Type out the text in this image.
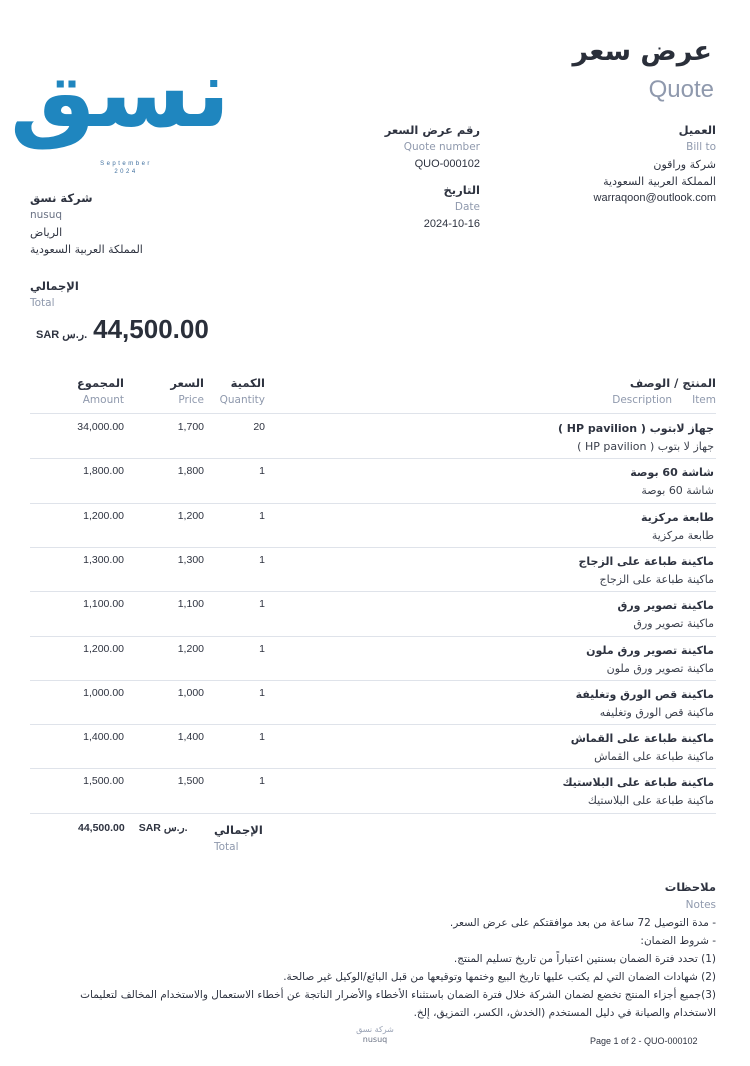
عرض سعر
Quote
نسق
September
2024
العميل
Bill to
شركة وراقون
المملكة العربية السعودية
warraqoon@outlook.com
رقم عرض السعر
Quote number
QUO-000102
التاريخ
Date
2024-10-16
شركة نسق
nusuq
الرياض
المملكة العربية السعودية
الإجمالي
Total
SAR ر.س. 44,500.00
المنتج / الوصف
Description Item
الكمية
Quantity
السعر
Price
المجموع
Amount
جهاز لابتوب ( HP pavilion )
جهاز لا بتوب ( HP pavilion )
20
1,700
34,000.00
شاشة 60 بوصة
شاشة 60 بوصة
1
1,800
1,800.00
طابعة مركزية
طابعة مركزية
1
1,200
1,200.00
ماكينة طباعة على الزجاج
ماكينة طباعة على الزجاج
1
1,300
1,300.00
ماكينة تصوير ورق
ماكينة تصوير ورق
1
1,100
1,100.00
ماكينة تصوير ورق ملون
ماكينة تصوير ورق ملون
1
1,200
1,200.00
ماكينة قص الورق وتغليفة
ماكينة قص الورق وتغليفه
1
1,000
1,000.00
ماكينة طباعة على القماش
ماكينة طباعة على القماش
1
1,400
1,400.00
ماكينة طباعة على البلاستيك
ماكينة طباعة على البلاستيك
1
1,500
1,500.00
44,500.00 SAR ر.س. الإجمالي
Total
ملاحظات
Notes
- مدة التوصيل 72 ساعة من بعد موافقتكم على عرض السعر.
- شروط الضمان:
(1) تحدد فترة الضمان بسنتين اعتباراً من تاريخ تسليم المنتج.
(2) شهادات الضمان التي لم يكتب عليها تاريخ البيع وختمها وتوقيعها من قبل البائع/الوكيل غير صالحة.
(3)جميع أجزاء المنتج تخضع لضمان الشركة خلال فترة الضمان باستثناء الأخطاء والأضرار الناتجة عن أخطاء الاستعمال والاستخدام المخالف لتعليمات
الاستخدام والصيانة في دليل المستخدم (الخدش، الكسر، التمزيق، إلخ.
شركة نسق
nusuq	Page 1 of 2 - QUO-000102
